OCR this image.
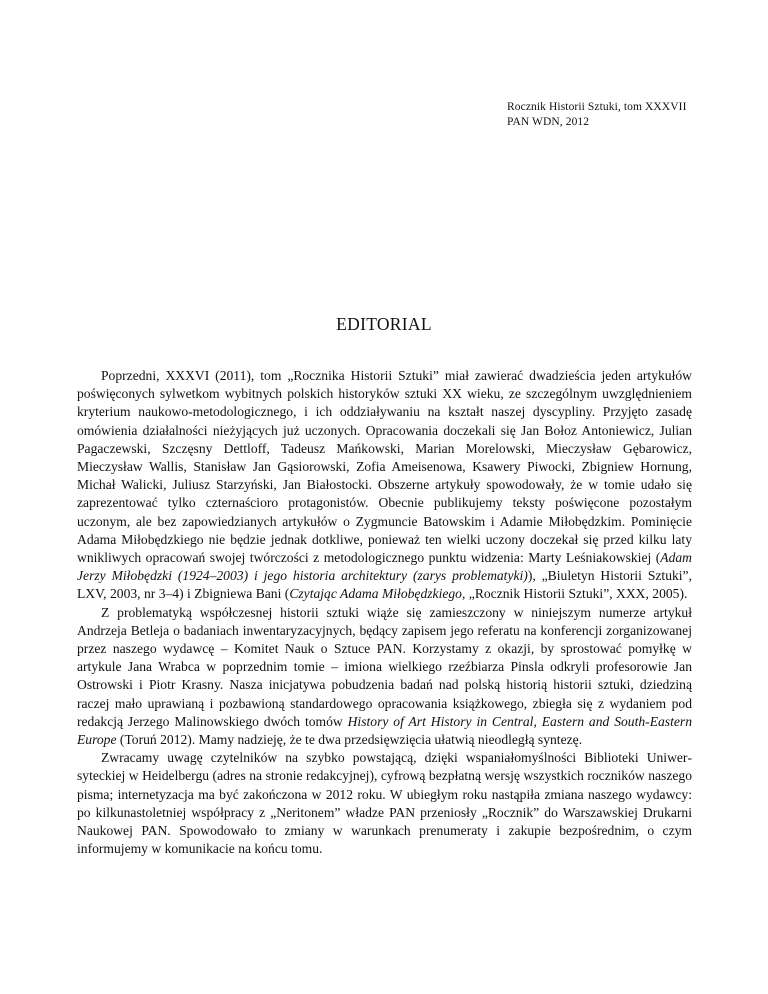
Rocznik Historii Sztuki, tom XXXVII
PAN WDN, 2012
EDITORIAL

Poprzedni, XXXVI (2011), tom „Rocznika Historii Sztuki” miał zawierać dwadzieścia jeden artykułów poświęconych sylwetkom wybitnych polskich historyków sztuki XX wieku, ze szczególnym uwzględnieniem kryterium naukowo-metodologicznego, i ich oddziaływaniu na kształt naszej dyscypliny. Przyjęto zasadę omówienia działalności nieżyjących już uczonych. Opracowania doczekali się Jan Bołoz Antoniewicz, Julian Pagaczewski, Szczęsny Dettloff, Tadeusz Mańkowski, Marian Morelowski, Mieczysław Gębarowicz, Mieczysław Wallis, Stanisław Jan Gąsiorowski, Zofia Ameisenowa, Ksawery Piwocki, Zbigniew Hornung, Michał Walicki, Juliusz Starzyński, Jan Białostocki. Obszerne artykuły spowodowały, że w tomie udało się zaprezentować tylko czternaścioro protagonistów. Obecnie publikujemy teksty poświęcone pozostałym uczonym, ale bez zapowiedzianych artykułów o Zygmuncie Batowskim i Adamie Miłobędzkim. Pominięcie Adama Miłobędzkiego nie będzie jednak dotkliwe, ponieważ ten wielki uczony doczekał się przed kilku laty wnikliwych opracowań swojej twórczości z metodologicznego punktu widzenia: Marty Leśniakowskiej (Adam Jerzy Miłobędzki (1924–2003) i jego historia architektury (zarys problematyki)), „Biuletyn Historii Sztuki”, LXV, 2003, nr 3–4) i Zbigniewa Bani (Czytając Adama Miłobędzkiego, „Rocznik Historii Sztuki”, XXX, 2005).

Z problematyką współczesnej historii sztuki wiąże się zamieszczony w niniejszym numerze artykuł Andrzeja Betleja o badaniach inwentaryzacyjnych, będący zapisem jego referatu na konferencji zorganizowanej przez naszego wydawcę – Komitet Nauk o Sztuce PAN. Korzystamy z okazji, by sprostować pomyłkę w artykule Jana Wrabca w poprzednim tomie – imiona wielkiego rzeźbiarza Pinsla odkryli profesorowie Jan Ostrowski i Piotr Krasny. Nasza inicjatywa pobudzenia badań nad polską historią historii sztuki, dziedziną raczej mało uprawianą i pozbawioną standardowego opracowania książkowego, zbiegła się z wydaniem pod redakcją Jerzego Malinowskiego dwóch tomów History of Art History in Central, Eastern and South-Eastern Europe (Toruń 2012). Mamy nadzieję, że te dwa przedsięwzięcia ułatwią nieodległą syntezę.

Zwracamy uwagę czytelników na szybko powstającą, dzięki wspaniałomyślności Biblioteki Uniwersyteckiej w Heidelbergu (adres na stronie redakcyjnej), cyfrową bezpłatną wersję wszystkich roczników naszego pisma; internetyzacja ma być zakończona w 2012 roku. W ubiegłym roku nastąpiła zmiana naszego wydawcy: po kilkunastoletniej współpracy z „Neritonem” władze PAN przeniosły „Rocznik” do Warszawskiej Drukarni Naukowej PAN. Spowodowało to zmiany w warunkach prenumeraty i zakupie bezpośrednim, o czym informujemy w komunikacie na końcu tomu.
